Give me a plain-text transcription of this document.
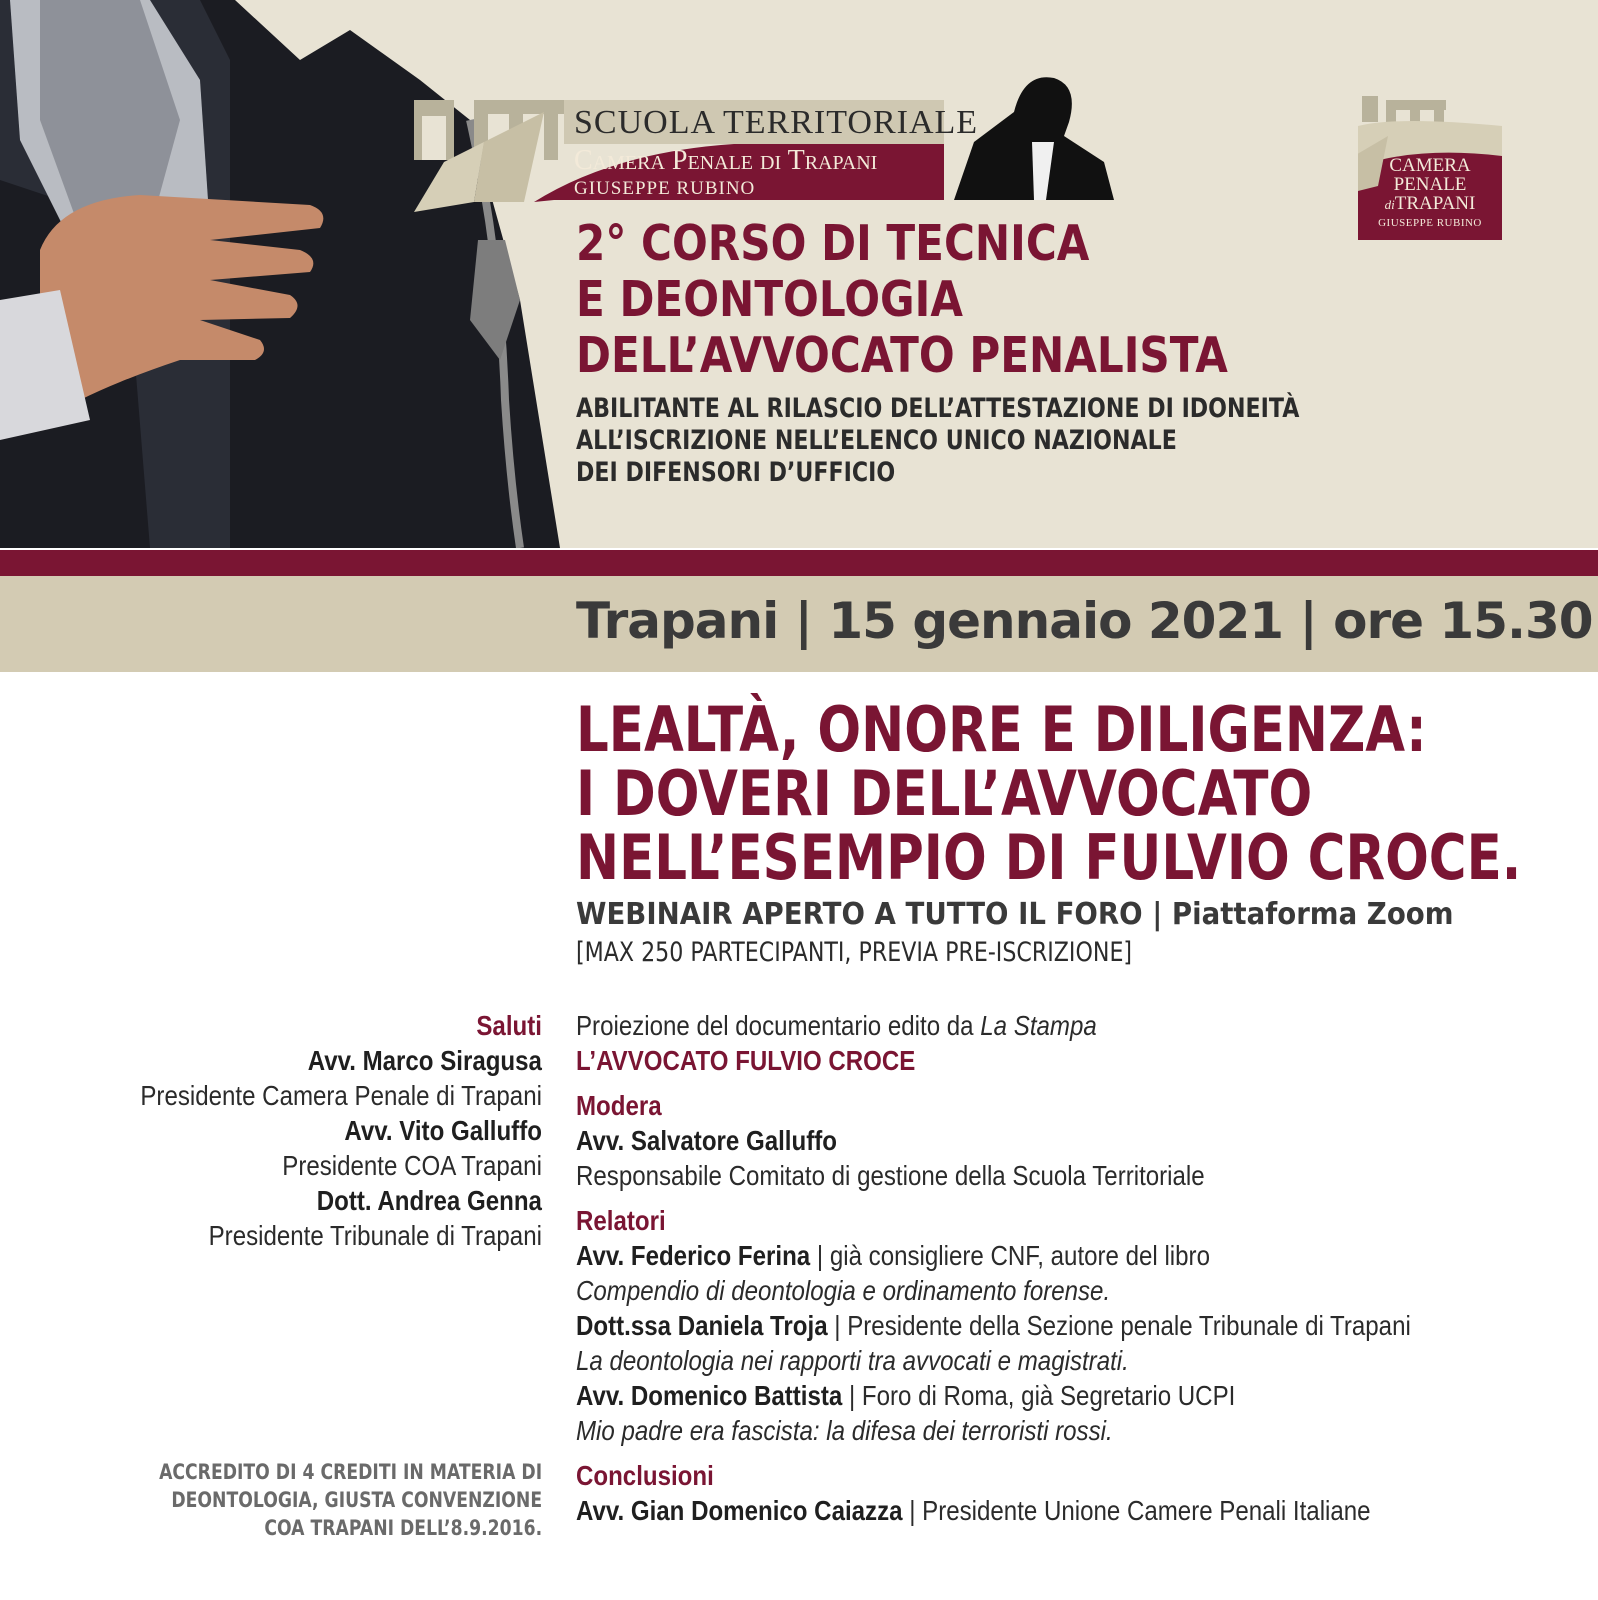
SCUOLA TERRITORIALE
Camera Penale di Trapani
GIUSEPPE RUBINO
2° CORSO DI TECNICA
E DEONTOLOGIA
DELL’AVVOCATO PENALISTA
ABILITANTE AL RILASCIO DELL’ATTESTAZIONE DI IDONEITÀ
ALL’ISCRIZIONE NELL’ELENCO UNICO NAZIONALE
DEI DIFENSORI D’UFFICIO
CAMERA
PENALE
diTRAPANI
GIUSEPPE RUBINO
Trapani | 15 gennaio 2021 | ore 15.30
LEALTÀ, ONORE E DILIGENZA:
I DOVERI DELL’AVVOCATO
NELL’ESEMPIO DI FULVIO CROCE.
WEBINAIR APERTO A TUTTO IL FORO | Piattaforma Zoom
[MAX 250 PARTECIPANTI, PREVIA PRE-ISCRIZIONE]
Saluti
Avv. Marco Siragusa
Presidente Camera Penale di Trapani
Avv. Vito Galluffo
Presidente COA Trapani
Dott. Andrea Genna
Presidente Tribunale di Trapani
Proiezione del documentario edito da La Stampa
L’AVVOCATO FULVIO CROCE
Modera
Avv. Salvatore Galluffo
Responsabile Comitato di gestione della Scuola Territoriale
Relatori
Avv. Federico Ferina | già consigliere CNF, autore del libro
Compendio di deontologia e ordinamento forense.
Dott.ssa Daniela Troja | Presidente della Sezione penale Tribunale di Trapani
La deontologia nei rapporti tra avvocati e magistrati.
Avv. Domenico Battista | Foro di Roma, già Segretario UCPI
Mio padre era fascista: la difesa dei terroristi rossi.
Conclusioni
Avv. Gian Domenico Caiazza | Presidente Unione Camere Penali Italiane
ACCREDITO DI 4 CREDITI IN MATERIA DI
DEONTOLOGIA, GIUSTA CONVENZIONE
COA TRAPANI DELL’8.9.2016.
